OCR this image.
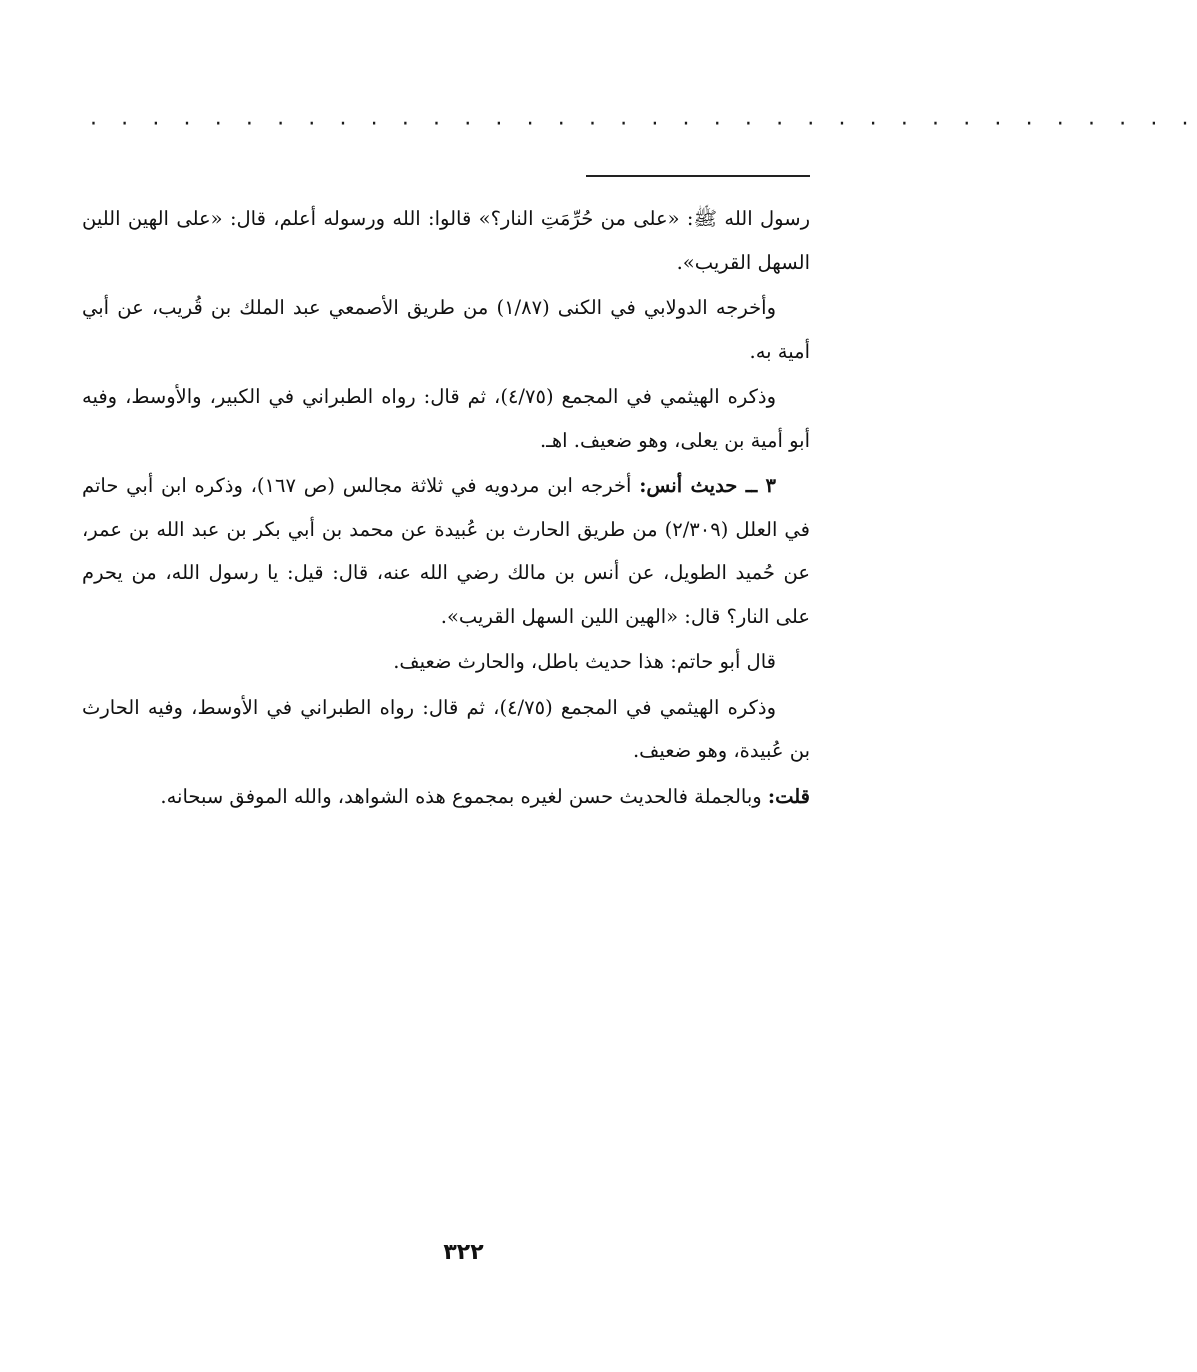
· · · · · · · · · · · · · · · · · · · · · · · · · · · · · · · · · · · ·

رسول الله ﷺ: «على من حُرِّمَتِ النار؟» قالوا: الله ورسوله أعلم، قال: «على الهين اللين السهل القريب».

وأخرجه الدولابي في الكنى (١/٨٧) من طريق الأصمعي عبد الملك بن قُريب، عن أبي أمية به.

وذكره الهيثمي في المجمع (٤/٧٥)، ثم قال: رواه الطبراني في الكبير، والأوسط، وفيه أبو أمية بن يعلى، وهو ضعيف. اهـ.

٣ ــ حديث أنس: أخرجه ابن مردويه في ثلاثة مجالس (ص ١٦٧)، وذكره ابن أبي حاتم في العلل (٢/٣٠٩) من طريق الحارث بن عُبيدة عن محمد بن أبي بكر بن عبد الله بن عمر، عن حُميد الطويل، عن أنس بن مالك رضي الله عنه، قال: قيل: يا رسول الله، من يحرم على النار؟ قال: «الهين اللين السهل القريب».

قال أبو حاتم: هذا حديث باطل، والحارث ضعيف.

وذكره الهيثمي في المجمع (٤/٧٥)، ثم قال: رواه الطبراني في الأوسط، وفيه الحارث بن عُبيدة، وهو ضعيف.

قلت: وبالجملة فالحديث حسن لغيره بمجموع هذه الشواهد، والله الموفق سبحانه.

٣٢٢
